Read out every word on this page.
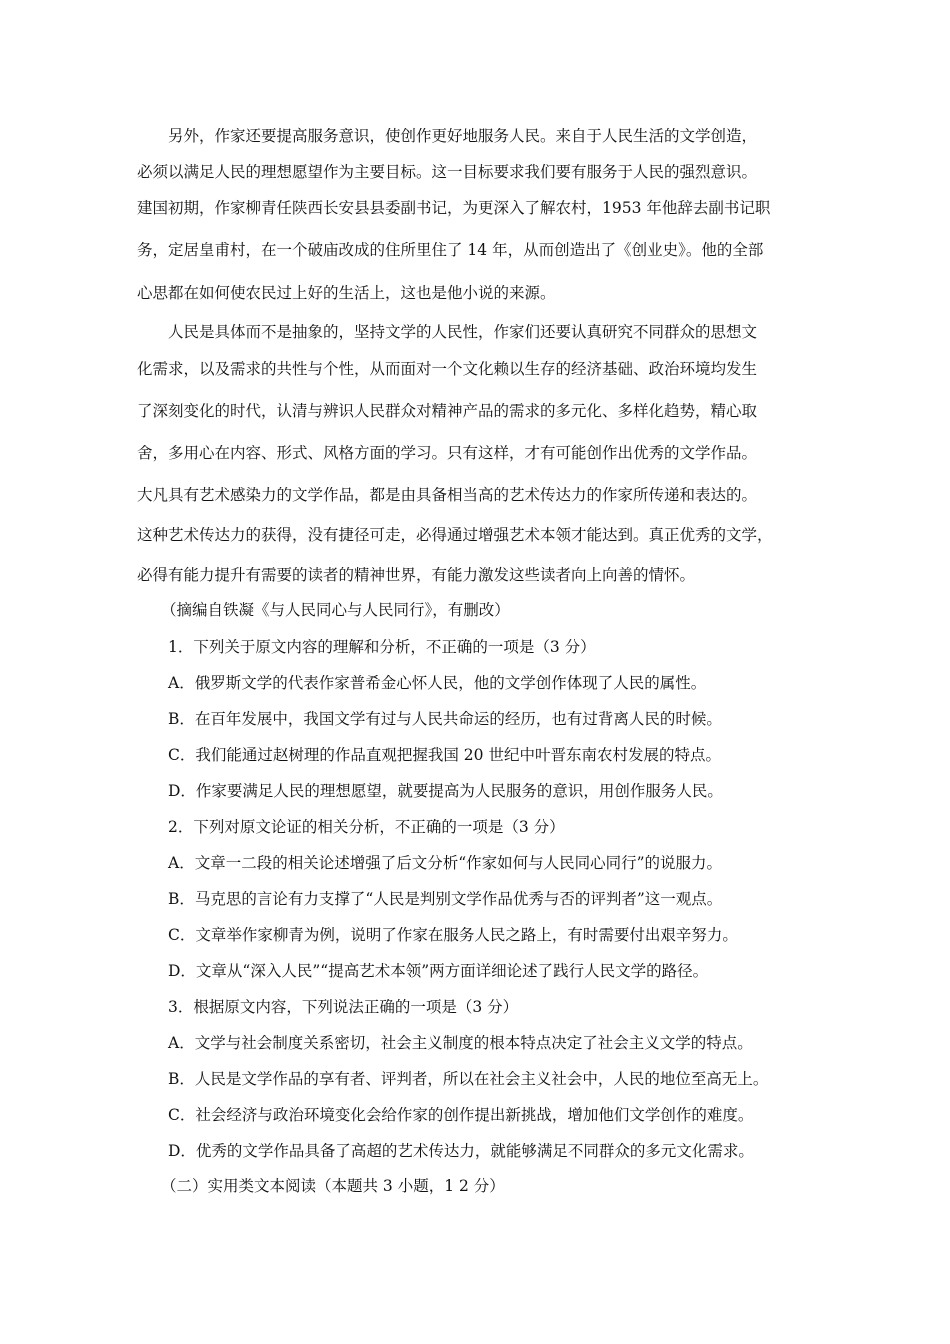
另外，作家还要提高服务意识，使创作更好地服务人民。来自于人民生活的文学创造，
必须以满足人民的理想愿望作为主要目标。这一目标要求我们要有服务于人民的强烈意识。
建国初期，作家柳青任陕西长安县县委副书记，为更深入了解农村，1953 年他辞去副书记职
务，定居皇甫村，在一个破庙改成的住所里住了 14 年，从而创造出了《创业史》。他的全部
心思都在如何使农民过上好的生活上，这也是他小说的来源。
人民是具体而不是抽象的，坚持文学的人民性，作家们还要认真研究不同群众的思想文
化需求，以及需求的共性与个性，从而面对一个文化赖以生存的经济基础、政治环境均发生
了深刻变化的时代，认清与辨识人民群众对精神产品的需求的多元化、多样化趋势，精心取
舍，多用心在内容、形式、风格方面的学习。只有这样，才有可能创作出优秀的文学作品。
大凡具有艺术感染力的文学作品，都是由具备相当高的艺术传达力的作家所传递和表达的。
这种艺术传达力的获得，没有捷径可走，必得通过增强艺术本领才能达到。真正优秀的文学，
必得有能力提升有需要的读者的精神世界，有能力激发这些读者向上向善的情怀。
（摘编自铁凝《与人民同心与人民同行》，有删改）
1．下列关于原文内容的理解和分析，不正确的一项是（3 分）
A．俄罗斯文学的代表作家普希金心怀人民，他的文学创作体现了人民的属性。
B．在百年发展中，我国文学有过与人民共命运的经历，也有过背离人民的时候。
C．我们能通过赵树理的作品直观把握我国 20 世纪中叶晋东南农村发展的特点。
D．作家要满足人民的理想愿望，就要提高为人民服务的意识，用创作服务人民。
2．下列对原文论证的相关分析，不正确的一项是（3 分）
A．文章一二段的相关论述增强了后文分析“作家如何与人民同心同行”的说服力。
B．马克思的言论有力支撑了“人民是判别文学作品优秀与否的评判者”这一观点。
C．文章举作家柳青为例，说明了作家在服务人民之路上，有时需要付出艰辛努力。
D．文章从“深入人民”“提高艺术本领”两方面详细论述了践行人民文学的路径。
3．根据原文内容，下列说法正确的一项是（3 分）
A．文学与社会制度关系密切，社会主义制度的根本特点决定了社会主义文学的特点。
B．人民是文学作品的享有者、评判者，所以在社会主义社会中，人民的地位至高无上。
C．社会经济与政治环境变化会给作家的创作提出新挑战，增加他们文学创作的难度。
D．优秀的文学作品具备了高超的艺术传达力，就能够满足不同群众的多元文化需求。
（二）实用类文本阅读（本题共 3 小题，1 2 分）
